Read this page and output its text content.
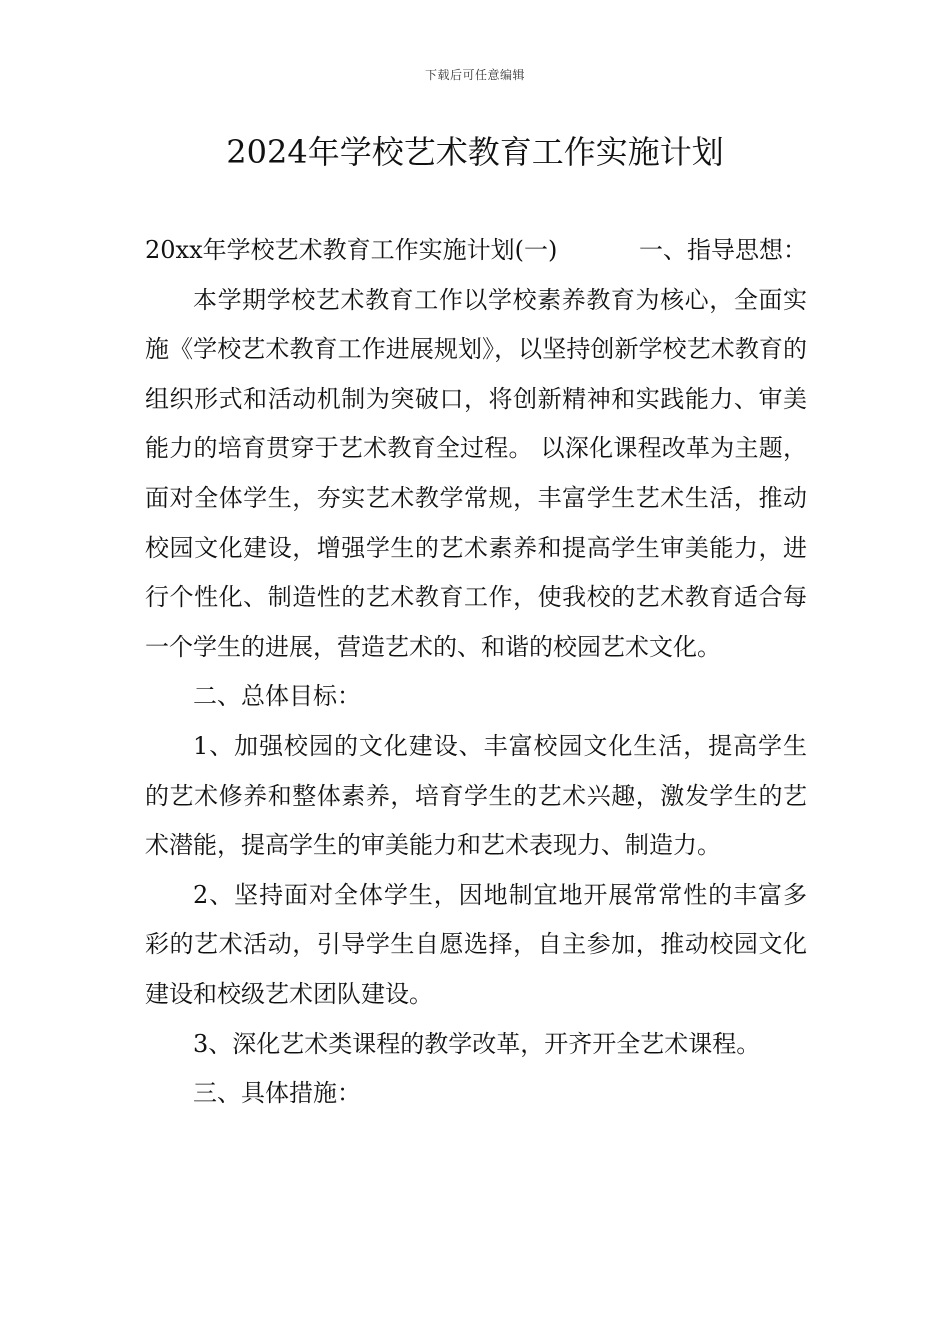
下载后可任意编辑
2024年学校艺术教育工作实施计划

20xx年学校艺术教育工作实施计划(一)	一、指导思想：

本学期学校艺术教育工作以学校素养教育为核心，全面实施《学校艺术教育工作进展规划》，以坚持创新学校艺术教育的组织形式和活动机制为突破口，将创新精神和实践能力、审美能力的培育贯穿于艺术教育全过程。 以深化课程改革为主题，面对全体学生，夯实艺术教学常规，丰富学生艺术生活，推动校园文化建设，增强学生的艺术素养和提高学生审美能力，进行个性化、制造性的艺术教育工作，使我校的艺术教育适合每一个学生的进展，营造艺术的、和谐的校园艺术文化。

二、总体目标：

1、加强校园的文化建设、丰富校园文化生活，提高学生的艺术修养和整体素养，培育学生的艺术兴趣，激发学生的艺术潜能，提高学生的审美能力和艺术表现力、制造力。

2、坚持面对全体学生，因地制宜地开展常常性的丰富多彩的艺术活动，引导学生自愿选择，自主参加，推动校园文化建设和校级艺术团队建设。

3、深化艺术类课程的教学改革，开齐开全艺术课程。

三、具体措施：
